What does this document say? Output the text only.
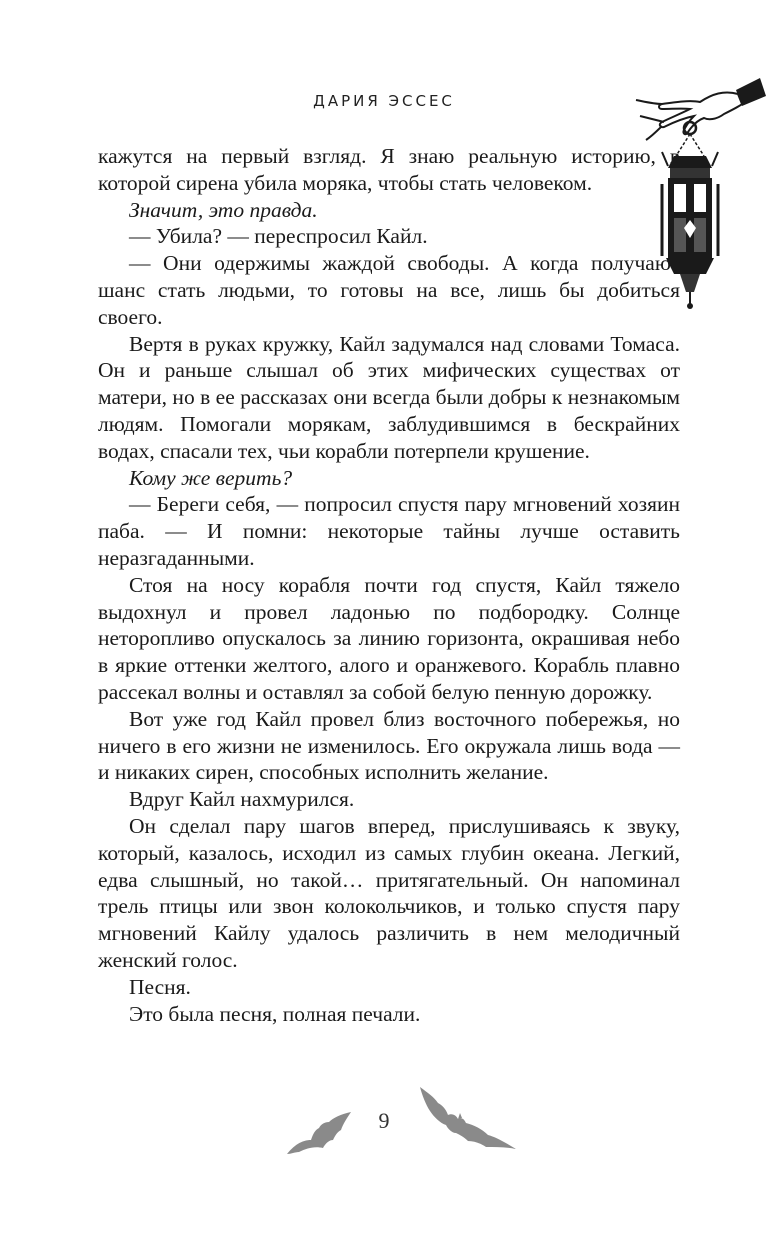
ДАРИЯ ЭССЕС

кажутся на первый взгляд. Я знаю реальную историю, в которой сирена убила моряка, чтобы стать человеком.

Значит, это правда.

— Убила? — переспросил Кайл.

— Они одержимы жаждой свободы. А когда получают шанс стать людьми, то готовы на все, лишь бы добиться своего.

Вертя в руках кружку, Кайл задумался над словами Томаса. Он и раньше слышал об этих мифических существах от матери, но в ее рассказах они всегда были добры к незнакомым людям. Помогали морякам, заблудившимся в бескрайних водах, спасали тех, чьи корабли потерпели крушение.

Кому же верить?

— Береги себя, — попросил спустя пару мгновений хозяин паба. — И помни: некоторые тайны лучше оставить неразгаданными.

Стоя на носу корабля почти год спустя, Кайл тяжело выдохнул и провел ладонью по подбородку. Солнце неторопливо опускалось за линию горизонта, окрашивая небо в яркие оттенки желтого, алого и оранжевого. Корабль плавно рассекал волны и оставлял за собой белую пенную дорожку.

Вот уже год Кайл провел близ восточного побережья, но ничего в его жизни не изменилось. Его окружала лишь вода — и никаких сирен, способных исполнить желание.

Вдруг Кайл нахмурился.

Он сделал пару шагов вперед, прислушиваясь к звуку, который, казалось, исходил из самых глубин океана. Легкий, едва слышный, но такой… притягательный. Он напоминал трель птицы или звон колокольчиков, и только спустя пару мгновений Кайлу удалось различить в нем мелодичный женский голос.

Песня.

Это была песня, полная печали.

9
